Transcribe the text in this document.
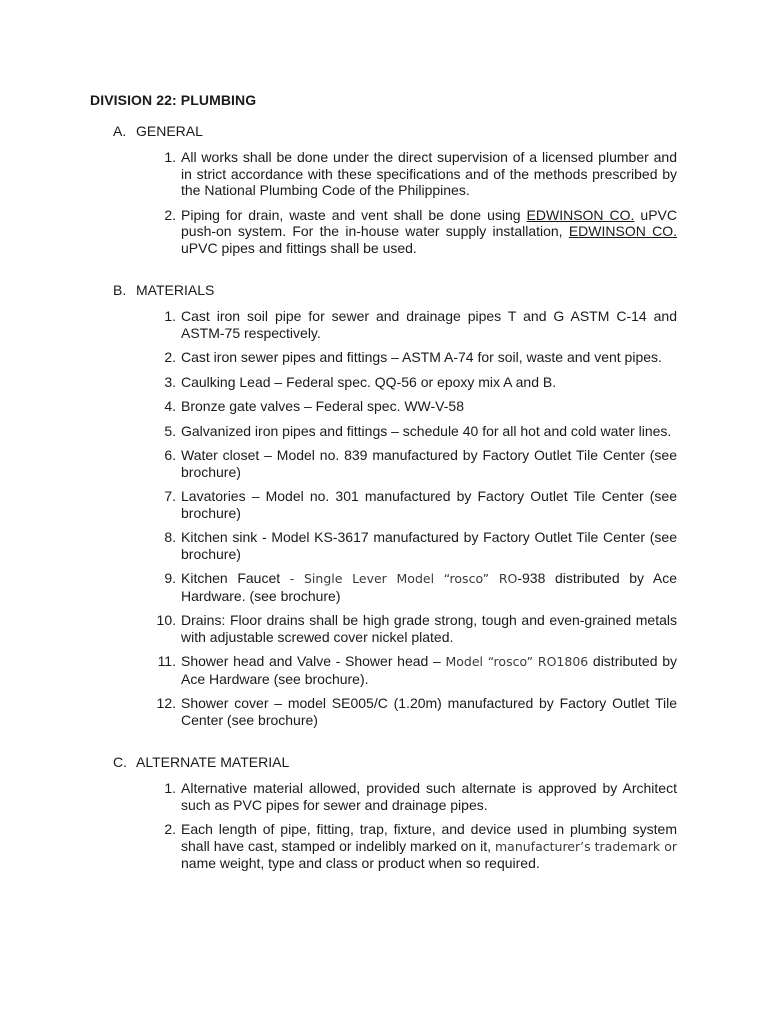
DIVISION 22: PLUMBING
A. GENERAL
1. All works shall be done under the direct supervision of a licensed plumber and in strict accordance with these specifications and of the methods prescribed by the National Plumbing Code of the Philippines.
2. Piping for drain, waste and vent shall be done using EDWINSON CO. uPVC push-on system. For the in-house water supply installation, EDWINSON CO. uPVC pipes and fittings shall be used.
B. MATERIALS
1. Cast iron soil pipe for sewer and drainage pipes T and G ASTM C-14 and ASTM-75 respectively.
2. Cast iron sewer pipes and fittings – ASTM A-74 for soil, waste and vent pipes.
3. Caulking Lead – Federal spec. QQ-56 or epoxy mix A and B.
4. Bronze gate valves – Federal spec. WW-V-58
5. Galvanized iron pipes and fittings – schedule 40 for all hot and cold water lines.
6. Water closet – Model no. 839 manufactured by Factory Outlet Tile Center (see brochure)
7. Lavatories – Model no. 301 manufactured by Factory Outlet Tile Center (see brochure)
8. Kitchen sink - Model KS-3617 manufactured by Factory Outlet Tile Center (see brochure)
9. Kitchen Faucet - Single Lever Model “rosco” RO-938 distributed by Ace Hardware. (see brochure)
10. Drains: Floor drains shall be high grade strong, tough and even-grained metals with adjustable screwed cover nickel plated.
11. Shower head and Valve - Shower head – Model “rosco” RO1806 distributed by Ace Hardware (see brochure).
12. Shower cover – model SE005/C (1.20m) manufactured by Factory Outlet Tile Center (see brochure)
C. ALTERNATE MATERIAL
1. Alternative material allowed, provided such alternate is approved by Architect such as PVC pipes for sewer and drainage pipes.
2. Each length of pipe, fitting, trap, fixture, and device used in plumbing system shall have cast, stamped or indelibly marked on it, manufacturer’s trademark or name weight, type and class or product when so required.
